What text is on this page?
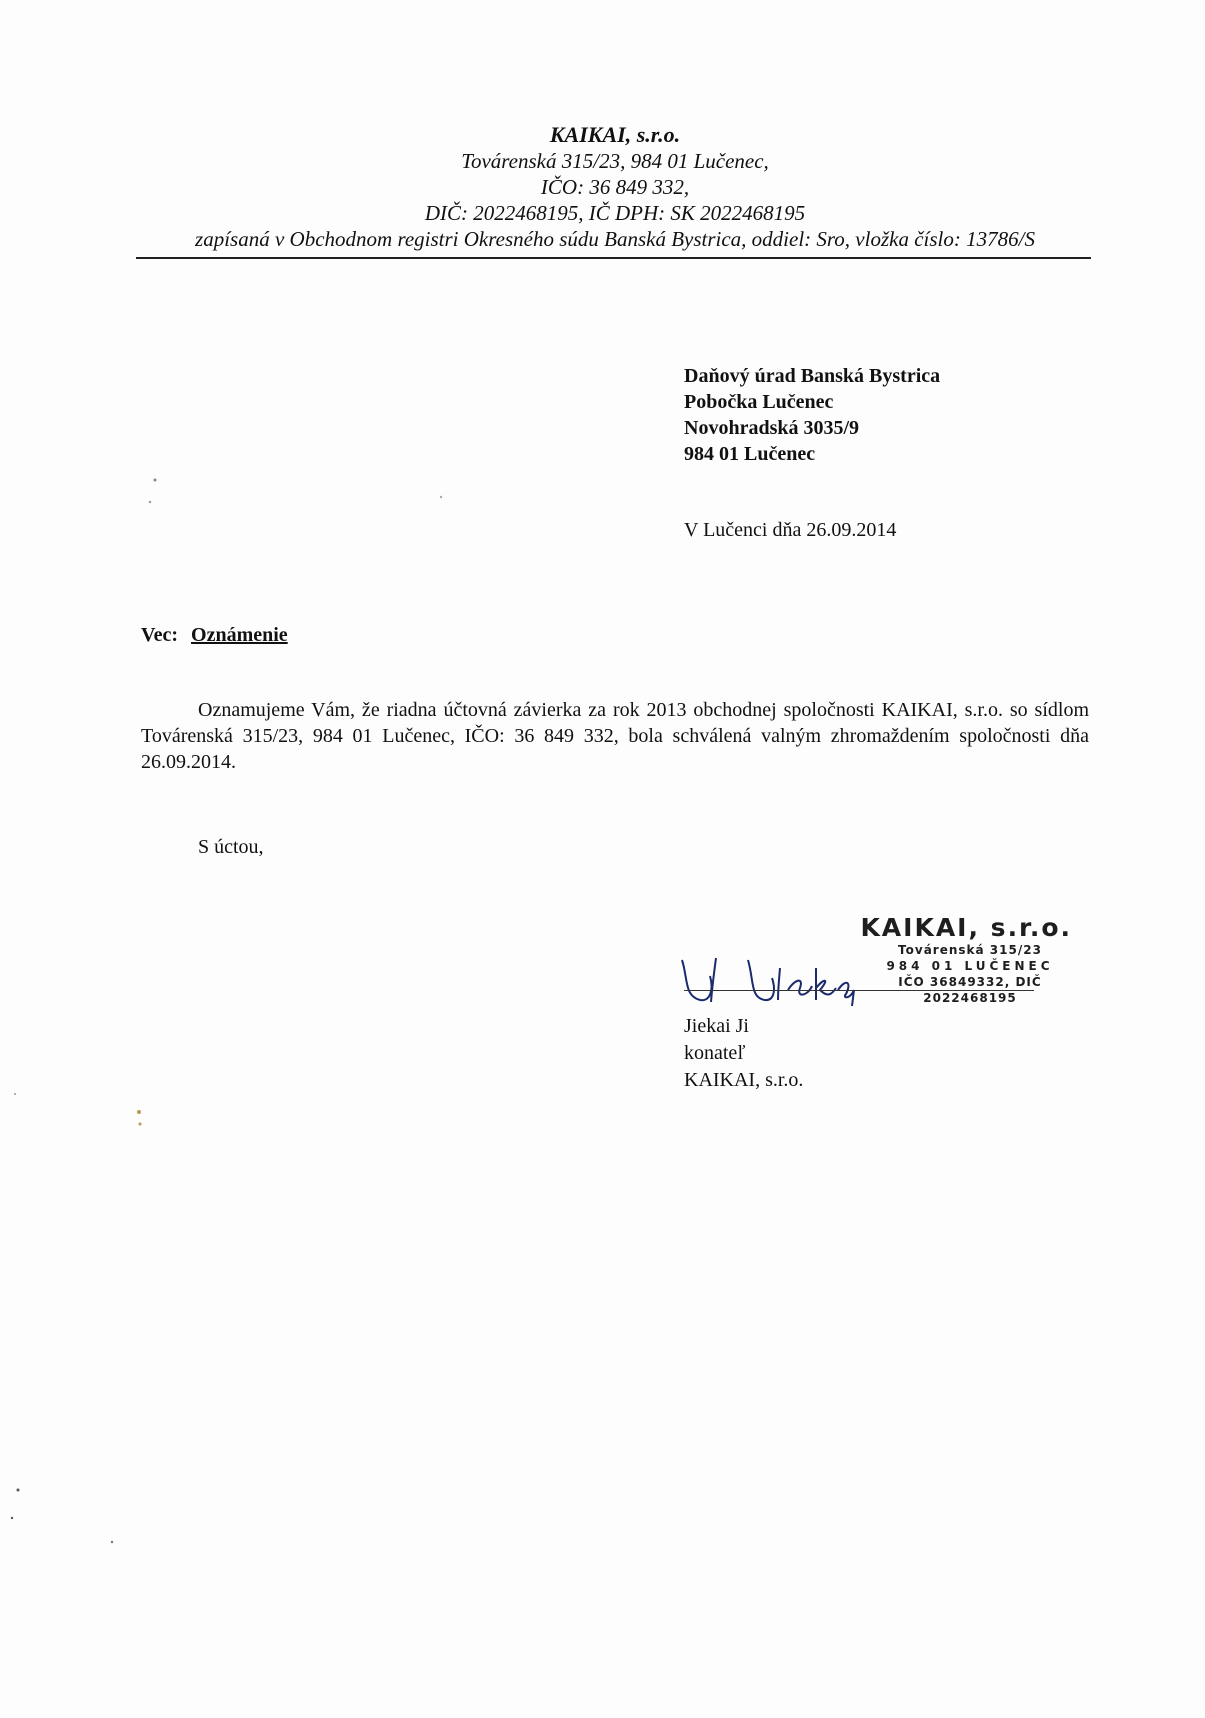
KAIKAI, s.r.o.
Továrenská 315/23, 984 01 Lučenec,
IČO: 36 849 332,
DIČ: 2022468195, IČ DPH: SK 2022468195
zapísaná v Obchodnom registri Okresného súdu Banská Bystrica, oddiel: Sro, vložka číslo: 13786/S
Daňový úrad Banská Bystrica
Pobočka Lučenec
Novohradská 3035/9
984 01 Lučenec
V Lučenci dňa 26.09.2014
Vec: Oznámenie
Oznamujeme Vám, že riadna účtovná závierka za rok 2013 obchodnej spoločnosti KAIKAI, s.r.o. so sídlom Továrenská 315/23, 984 01 Lučenec, IČO: 36 849 332, bola schválená valným zhromaždením spoločnosti dňa 26.09.2014.
S úctou,
KAIKAI, s.r.o.
Továrenská 315/23
984 01 LUČENEC
IČO 36849332, DIČ 2022468195
Jiekai Ji
konateľ
KAIKAI, s.r.o.
